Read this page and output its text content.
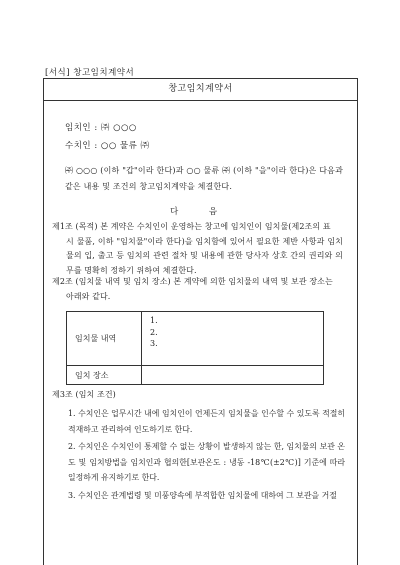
[서식] 창고임치계약서
창고임치계약서
임치인 : ㈜ ○○○
수치인 : ○○ 물류 ㈜
㈜ ○○○ (이하 "갑"이라 한다)과 ○○ 물류 ㈜ (이하 "을"이라 한다)은 다음과 같은 내용 및 조건의 창고임치계약을 체결한다.
다 음
제1조 (목적) 본 계약은 수치인이 운영하는 창고에 임치인이 임치물(제2조의 표
시 물품, 이하 "임치물"이라 한다)을 임치함에 있어서 필요한 제반 사항과 임치물의 입, 출고 등 임치의 관련 절차 및 내용에 관한 당사자 상호 간의 권리와 의무를 명확히 정하기 위하여 체결한다.
제2조 (임치물 내역 및 임치 장소) 본 계약에 의한 임치물의 내역 및 보관 장소는
아래와 같다.
임치물 내역	1.
2.
3.

임치 장소	
제3조 (임치 조건)
1. 수치인은 업무시간 내에 임치인이 언제든지 임치물을 인수할 수 있도록 적절히 적재하고 관리하여 인도하기로 한다.
2. 수치인은 수치인이 통제할 수 없는 상황이 발생하지 않는 한, 임치물의 보관 온도 및 임치방법을 임치인과 협의한[보관온도 : 냉동 -18℃(±2℃)] 기준에 따라 일정하게 유지하기로 한다.
3. 수치인은 관계법령 및 미풍양속에 부적합한 임치물에 대하여 그 보관을 거절
